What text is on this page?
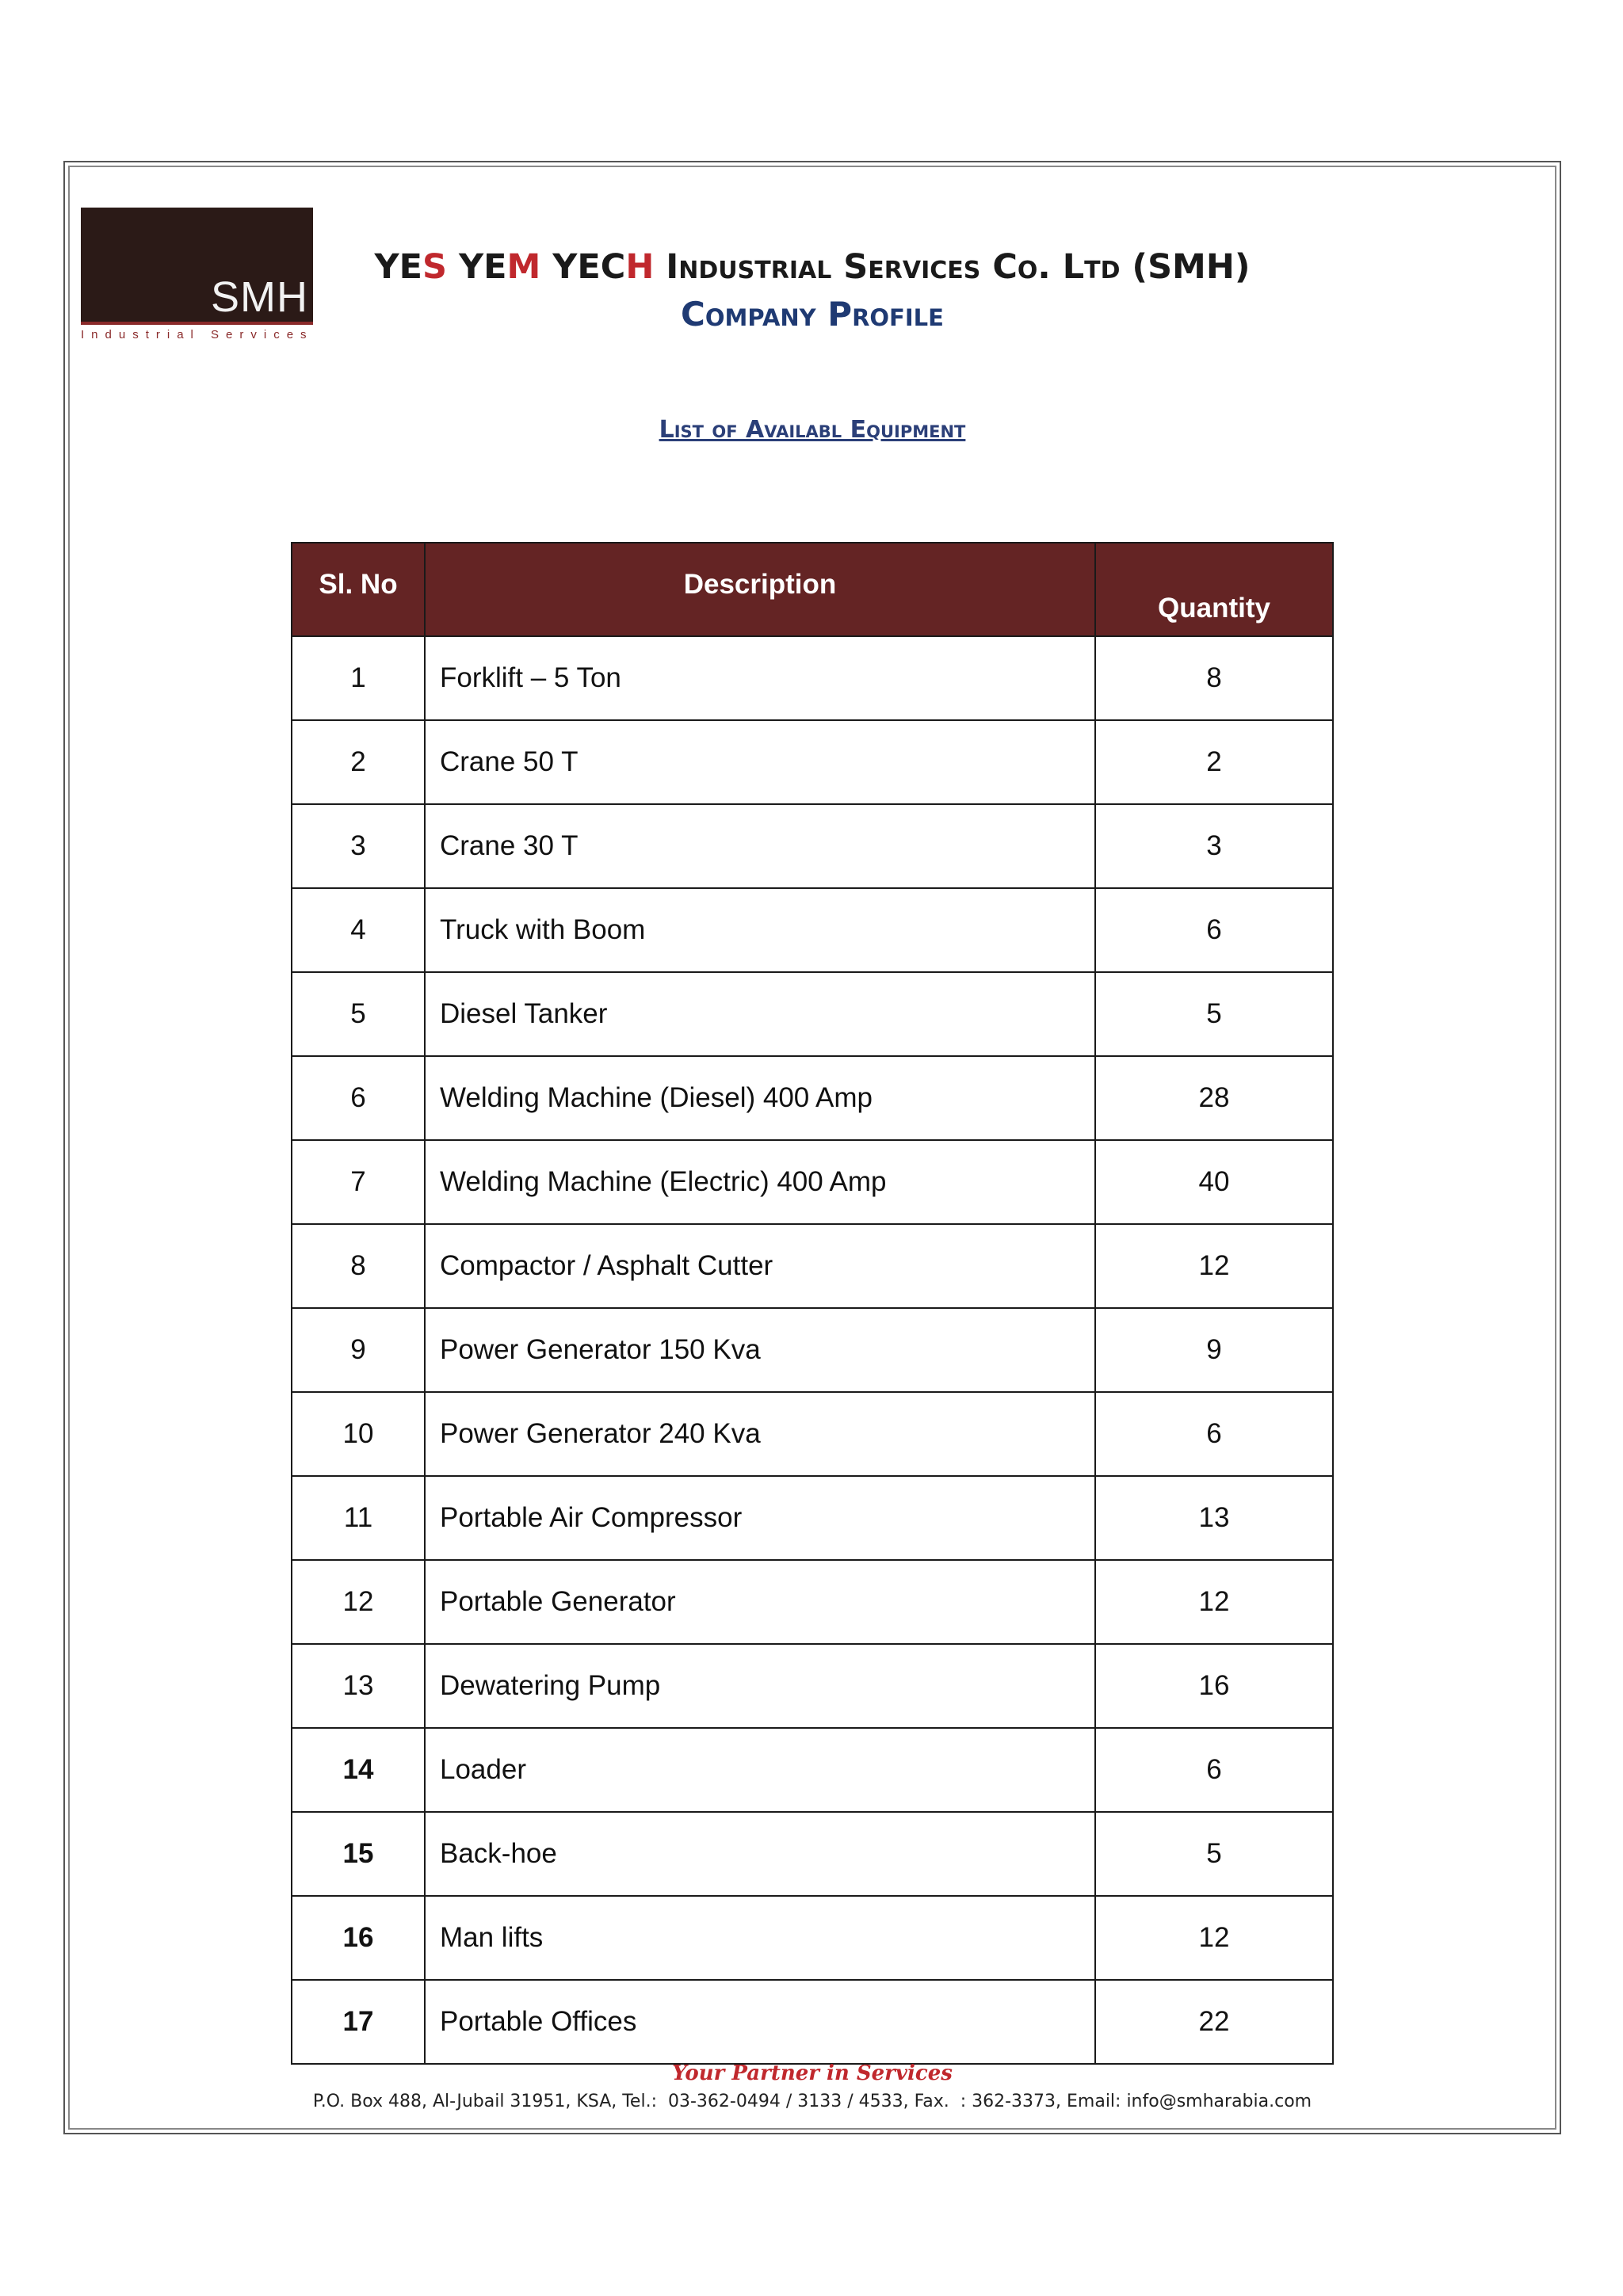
SMH
Industrial Services
YES YEM YECH Industrial Services Co. Ltd (SMH)
Company Profile
List of Availabl Equipment
Sl. No	Description	Quantity
1	Forklift – 5 Ton	8
2	Crane 50 T	2
3	Crane 30 T	3
4	Truck with Boom	6
5	Diesel Tanker	5
6	Welding Machine (Diesel) 400 Amp	28
7	Welding Machine (Electric) 400 Amp	40
8	Compactor / Asphalt Cutter	12
9	Power Generator 150 Kva	9
10	Power Generator 240 Kva	6
11	Portable Air Compressor	13
12	Portable Generator	12
13	Dewatering Pump	16
14	Loader	6
15	Back-hoe	5
16	Man lifts	12
17	Portable Offices	22
Your Partner in Services
P.O. Box 488, Al-Jubail 31951, KSA, Tel.:  03-362-0494 / 3133 / 4533, Fax.  : 362-3373, Email: info@smharabia.com
